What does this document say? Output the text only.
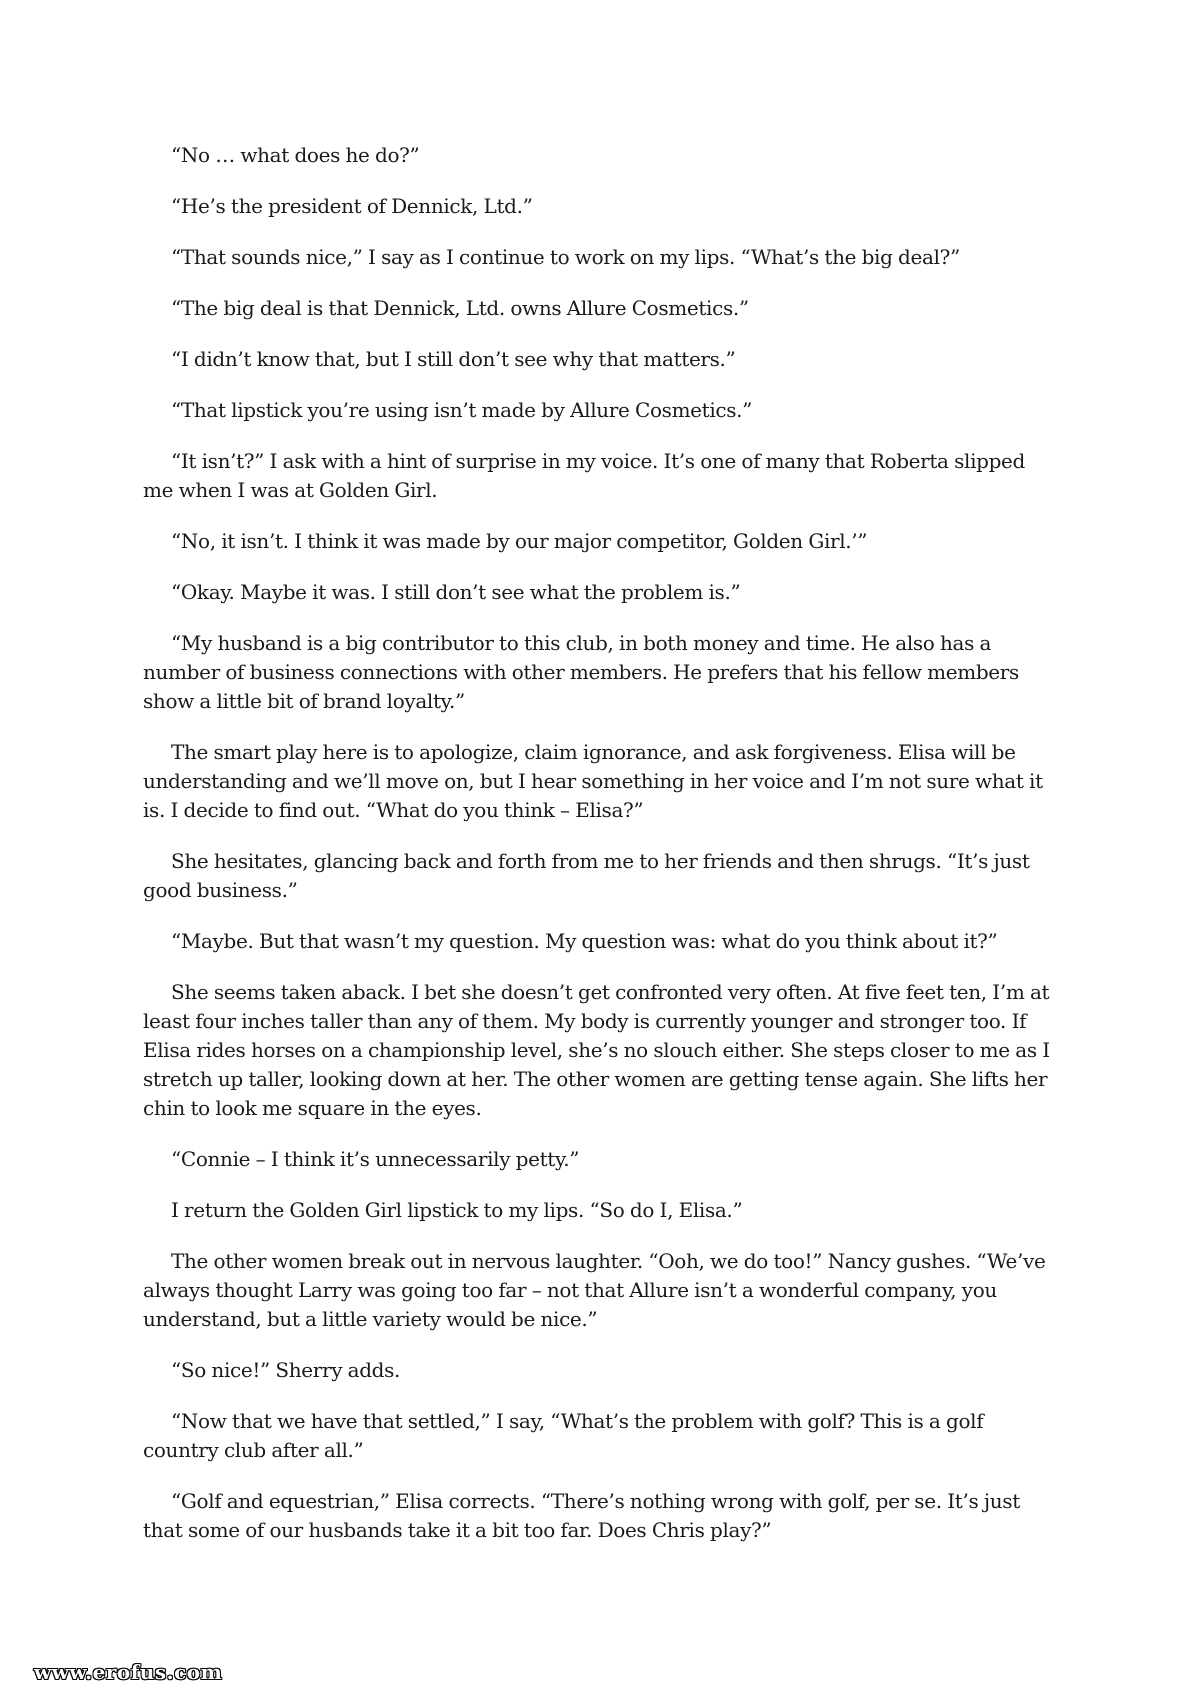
“No … what does he do?”

“He’s the president of Dennick, Ltd.”

“That sounds nice,” I say as I continue to work on my lips. “What’s the big deal?”

“The big deal is that Dennick, Ltd. owns Allure Cosmetics.”

“I didn’t know that, but I still don’t see why that matters.”

“That lipstick you’re using isn’t made by Allure Cosmetics.”

“It isn’t?” I ask with a hint of surprise in my voice. It’s one of many that Roberta slipped me when I was at Golden Girl.

“No, it isn’t. I think it was made by our major competitor, Golden Girl.’”

“Okay. Maybe it was. I still don’t see what the problem is.”

“My husband is a big contributor to this club, in both money and time. He also has a number of business connections with other members. He prefers that his fellow members show a little bit of brand loyalty.”

The smart play here is to apologize, claim ignorance, and ask forgiveness. Elisa will be understanding and we’ll move on, but I hear something in her voice and I’m not sure what it is. I decide to find out. “What do you think – Elisa?”

She hesitates, glancing back and forth from me to her friends and then shrugs. “It’s just good business.”

“Maybe. But that wasn’t my question. My question was: what do you think about it?”

She seems taken aback. I bet she doesn’t get confronted very often. At five feet ten, I’m at least four inches taller than any of them. My body is currently younger and stronger too. If Elisa rides horses on a championship level, she’s no slouch either. She steps closer to me as I stretch up taller, looking down at her. The other women are getting tense again. She lifts her chin to look me square in the eyes.

“Connie – I think it’s unnecessarily petty.”

I return the Golden Girl lipstick to my lips. “So do I, Elisa.”

The other women break out in nervous laughter. “Ooh, we do too!” Nancy gushes. “We’ve always thought Larry was going too far – not that Allure isn’t a wonderful company, you understand, but a little variety would be nice.”

“So nice!” Sherry adds.

“Now that we have that settled,” I say, “What’s the problem with golf? This is a golf country club after all.”

“Golf and equestrian,” Elisa corrects. “There’s nothing wrong with golf, per se. It’s just that some of our husbands take it a bit too far. Does Chris play?”

www.erofus.com
